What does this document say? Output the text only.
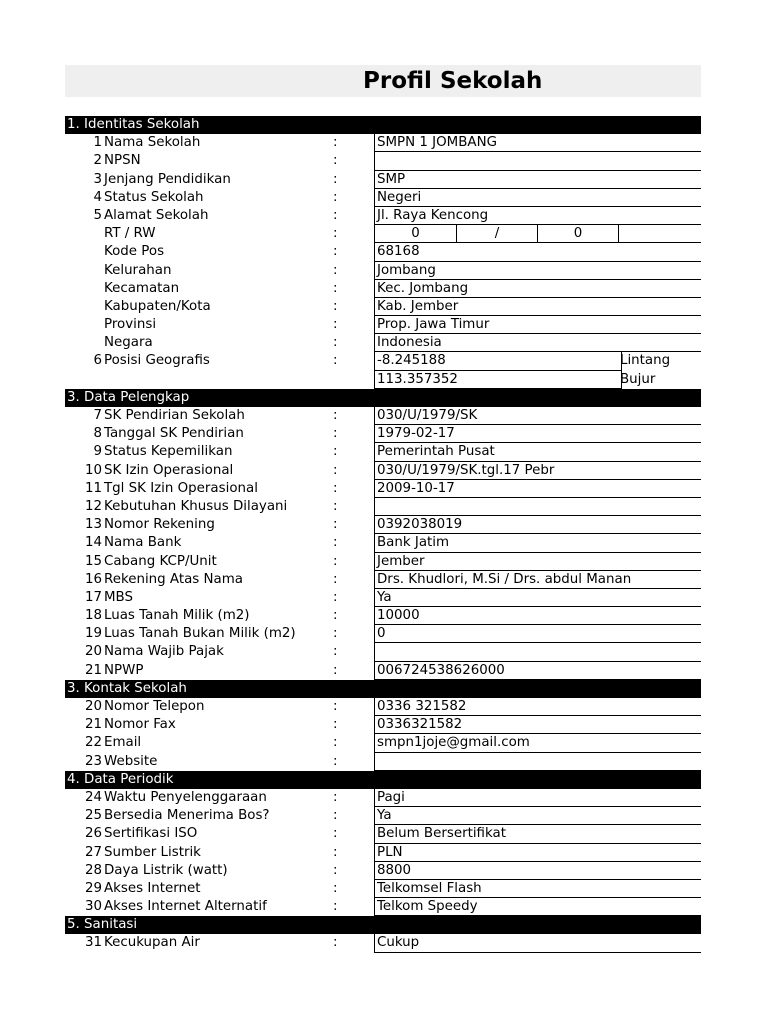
Profil Sekolah
1. Identitas Sekolah
1 Nama Sekolah	:	SMPN 1 JOMBANG
2 NPSN	:
3 Jenjang Pendidikan	:	SMP
4 Status Sekolah	:	Negeri
5 Alamat Sekolah	:	Jl. Raya Kencong
RT / RW	:	0	/	0
Kode Pos	:	68168
Kelurahan	:	Jombang
Kecamatan	:	Kec. Jombang
Kabupaten/Kota	:	Kab. Jember
Provinsi	:	Prop. Jawa Timur
Negara	:	Indonesia
6 Posisi Geografis	:	-8.245188	Lintang
113.357352	Bujur
3. Data Pelengkap
7 SK Pendirian Sekolah	:	030/U/1979/SK
8 Tanggal SK Pendirian	:	1979-02-17
9 Status Kepemilikan	:	Pemerintah Pusat
10 SK Izin Operasional	:	030/U/1979/SK.tgl.17 Pebr
11 Tgl SK Izin Operasional	:	2009-10-17
12 Kebutuhan Khusus Dilayani	:
13 Nomor Rekening	:	0392038019
14 Nama Bank	:	Bank Jatim
15 Cabang KCP/Unit	:	Jember
16 Rekening Atas Nama	:	Drs. Khudlori, M.Si / Drs. abdul Manan
17 MBS	:	Ya
18 Luas Tanah Milik (m2)	:	10000
19 Luas Tanah Bukan Milik (m2)	:	0
20 Nama Wajib Pajak	:
21 NPWP	:	006724538626000
3. Kontak Sekolah
20 Nomor Telepon	:	0336 321582
21 Nomor Fax	:	0336321582
22 Email	:	smpn1joje@gmail.com
23 Website	:
4. Data Periodik
24 Waktu Penyelenggaraan	:	Pagi
25 Bersedia Menerima Bos?	:	Ya
26 Sertifikasi ISO	:	Belum Bersertifikat
27 Sumber Listrik	:	PLN
28 Daya Listrik (watt)	:	8800
29 Akses Internet	:	Telkomsel Flash
30 Akses Internet Alternatif	:	Telkom Speedy
5. Sanitasi
31 Kecukupan Air	:	Cukup
